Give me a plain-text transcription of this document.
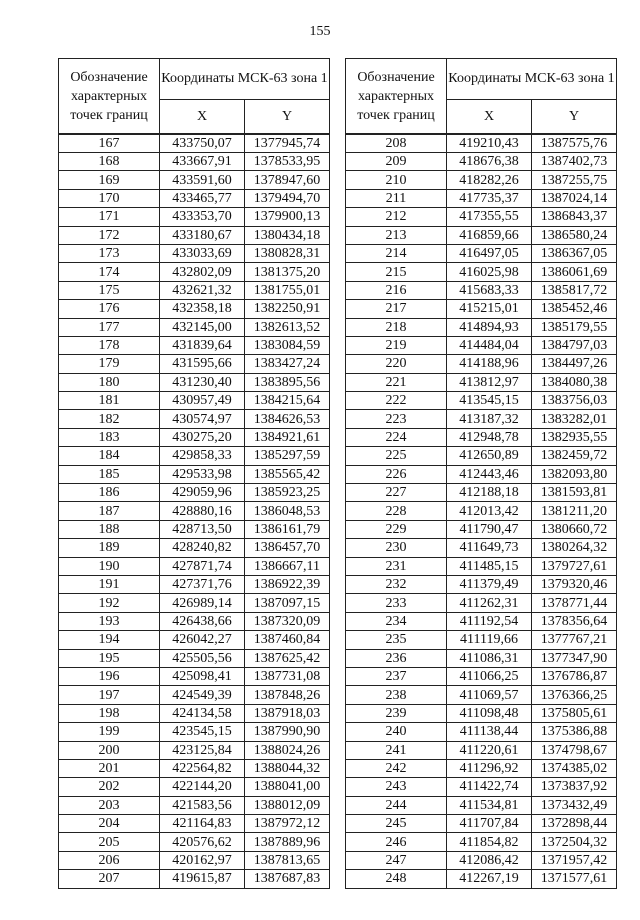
155
Обозначение характерных точек границ	Координаты МСК-63 зона 1	
	X	Y
167	433750,07	1377945,74
168	433667,91	1378533,95
169	433591,60	1378947,60
170	433465,77	1379494,70
171	433353,70	1379900,13
172	433180,67	1380434,18
173	433033,69	1380828,31
174	432802,09	1381375,20
175	432621,32	1381755,01
176	432358,18	1382250,91
177	432145,00	1382613,52
178	431839,64	1383084,59
179	431595,66	1383427,24
180	431230,40	1383895,56
181	430957,49	1384215,64
182	430574,97	1384626,53
183	430275,20	1384921,61
184	429858,33	1385297,59
185	429533,98	1385565,42
186	429059,96	1385923,25
187	428880,16	1386048,53
188	428713,50	1386161,79
189	428240,82	1386457,70
190	427871,74	1386667,11
191	427371,76	1386922,39
192	426989,14	1387097,15
193	426438,66	1387320,09
194	426042,27	1387460,84
195	425505,56	1387625,42
196	425098,41	1387731,08
197	424549,39	1387848,26
198	424134,58	1387918,03
199	423545,15	1387990,90
200	423125,84	1388024,26
201	422564,82	1388044,32
202	422144,20	1388041,00
203	421583,56	1388012,09
204	421164,83	1387972,12
205	420576,62	1387889,96
206	420162,97	1387813,65
207	419615,87	1387687,83
Обозначение характерных точек границ	Координаты МСК-63 зона 1	
	X	Y
208	419210,43	1387575,76
209	418676,38	1387402,73
210	418282,26	1387255,75
211	417735,37	1387024,14
212	417355,55	1386843,37
213	416859,66	1386580,24
214	416497,05	1386367,05
215	416025,98	1386061,69
216	415683,33	1385817,72
217	415215,01	1385452,46
218	414894,93	1385179,55
219	414484,04	1384797,03
220	414188,96	1384497,26
221	413812,97	1384080,38
222	413545,15	1383756,03
223	413187,32	1383282,01
224	412948,78	1382935,55
225	412650,89	1382459,72
226	412443,46	1382093,80
227	412188,18	1381593,81
228	412013,42	1381211,20
229	411790,47	1380660,72
230	411649,73	1380264,32
231	411485,15	1379727,61
232	411379,49	1379320,46
233	411262,31	1378771,44
234	411192,54	1378356,64
235	411119,66	1377767,21
236	411086,31	1377347,90
237	411066,25	1376786,87
238	411069,57	1376366,25
239	411098,48	1375805,61
240	411138,44	1375386,88
241	411220,61	1374798,67
242	411296,92	1374385,02
243	411422,74	1373837,92
244	411534,81	1373432,49
245	411707,84	1372898,44
246	411854,82	1372504,32
247	412086,42	1371957,42
248	412267,19	1371577,61
